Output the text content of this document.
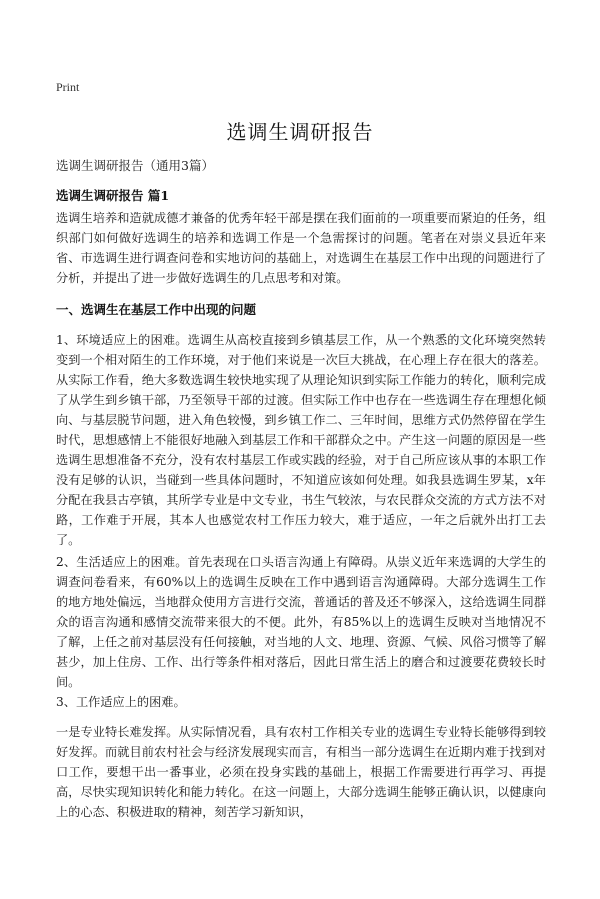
Print
选调生调研报告
选调生调研报告（通用3篇）
选调生调研报告 篇1

选调生培养和造就成德才兼备的优秀年轻干部是摆在我们面前的一项重要而紧迫的任务，组织部门如何做好选调生的培养和选调工作是一个急需探讨的问题。笔者在对崇义县近年来省、市选调生进行调查问卷和实地访问的基础上，对选调生在基层工作中出现的问题进行了分析，并提出了进一步做好选调生的几点思考和对策。

一、选调生在基层工作中出现的问题

1、环境适应上的困难。选调生从高校直接到乡镇基层工作，从一个熟悉的文化环境突然转变到一个相对陌生的工作环境，对于他们来说是一次巨大挑战，在心理上存在很大的落差。从实际工作看，绝大多数选调生较快地实现了从理论知识到实际工作能力的转化，顺利完成了从学生到乡镇干部，乃至领导干部的过渡。但实际工作中也存在一些选调生存在理想化倾向、与基层脱节问题，进入角色较慢，到乡镇工作二、三年时间，思维方式仍然停留在学生时代，思想感情上不能很好地融入到基层工作和干部群众之中。产生这一问题的原因是一些选调生思想准备不充分，没有农村基层工作或实践的经验，对于自己所应该从事的本职工作没有足够的认识，当碰到一些具体问题时，不知道应该如何处理。如我县选调生罗某，x年分配在我县古亭镇，其所学专业是中文专业，书生气较浓，与农民群众交流的方式方法不对路，工作难于开展，其本人也感觉农村工作压力较大，难于适应，一年之后就外出打工去了。

2、生活适应上的困难。首先表现在口头语言沟通上有障碍。从崇义近年来选调的大学生的调查问卷看来，有60%以上的选调生反映在工作中遇到语言沟通障碍。大部分选调生工作的地方地处偏远，当地群众使用方言进行交流，普通话的普及还不够深入，这给选调生同群众的语言沟通和感情交流带来很大的不便。此外，有85%以上的选调生反映对当地情况不了解，上任之前对基层没有任何接触，对当地的人文、地理、资源、气候、风俗习惯等了解甚少，加上住房、工作、出行等条件相对落后，因此日常生活上的磨合和过渡要花费较长时间。

3、工作适应上的困难。

一是专业特长难发挥。从实际情况看，具有农村工作相关专业的选调生专业特长能够得到较好发挥。而就目前农村社会与经济发展现实而言，有相当一部分选调生在近期内难于找到对口工作，要想干出一番事业，必须在投身实践的基础上，根据工作需要进行再学习、再提高，尽快实现知识转化和能力转化。在这一问题上，大部分选调生能够正确认识，以健康向上的心态、积极进取的精神，刻苦学习新知识，
